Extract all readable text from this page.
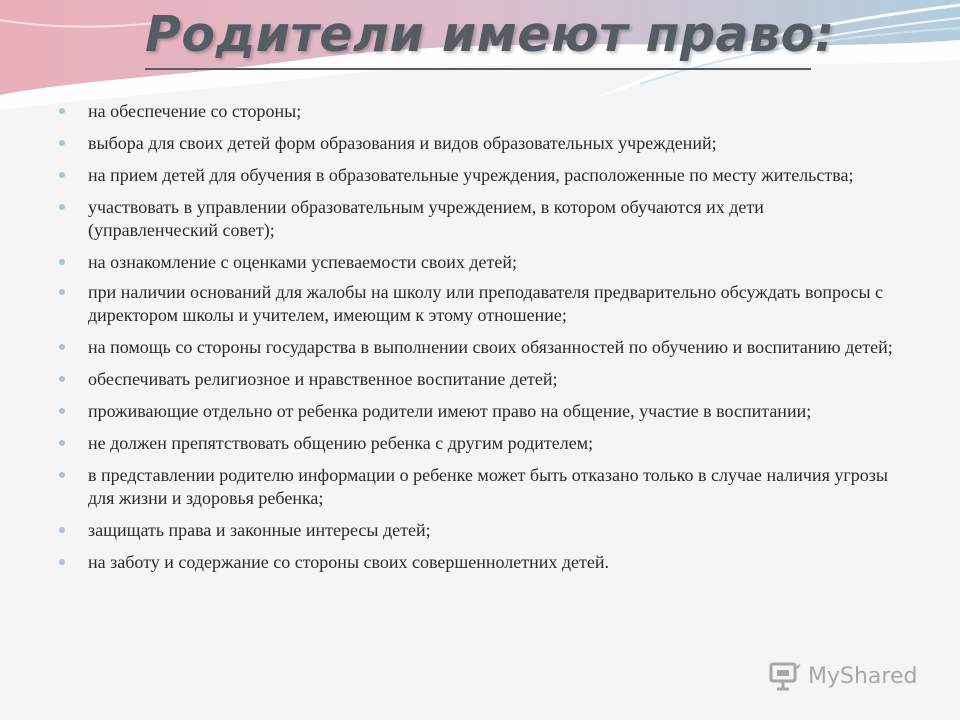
Родители имеют право:
на обеспечение со стороны;
выбора для своих детей форм образования и видов образовательных учреждений;
на прием детей для обучения в образовательные учреждения, расположенные по месту жительства;
участвовать в управлении образовательным учреждением, в котором обучаются их дети (управленческий совет);
на ознакомление с оценками успеваемости своих детей;
при наличии оснований для жалобы на школу или преподавателя предварительно обсуждать вопросы с директором школы и учителем, имеющим к этому отношение;
на помощь со стороны государства в выполнении своих обязанностей по обучению и воспитанию детей;
обеспечивать религиозное и нравственное воспитание детей;
проживающие отдельно от ребенка родители имеют право на общение, участие в воспитании;
не должен препятствовать общению ребенка с другим родителем;
в представлении родителю информации о ребенке может быть отказано только в случае наличия угрозы для жизни и здоровья ребенка;
защищать права и законные интересы детей;
на заботу и содержание со стороны своих совершеннолетних детей.
MyShared
